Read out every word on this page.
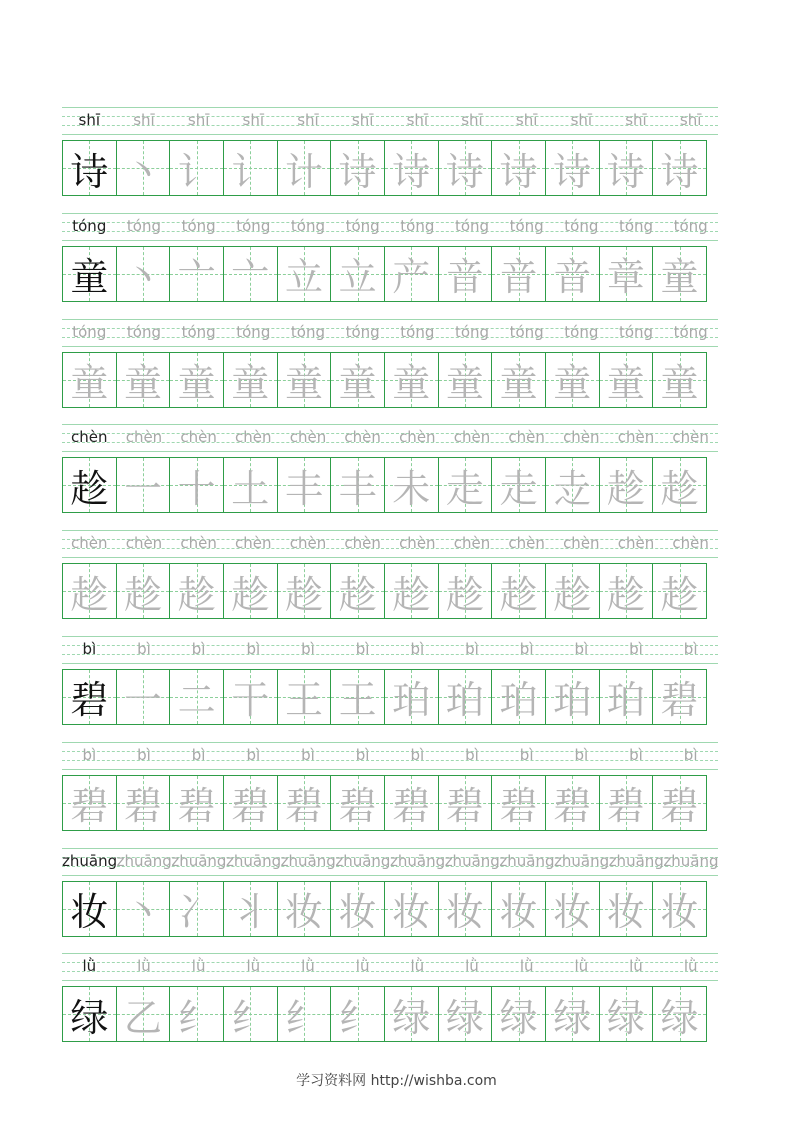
shī	shī	shī	shī	shī	shī	shī	shī	shī	shī	shī	shī
诗 丶 讠 讠 计 诗 诗 诗 诗 诗 诗 诗
tóng	tóng	tóng	tóng	tóng	tóng	tóng	tóng	tóng	tóng	tóng	tóng
童 丶 亠 亠 立 立 产 音 音 音 章 童
tóng	tóng	tóng	tóng	tóng	tóng	tóng	tóng	tóng	tóng	tóng	tóng
童 童 童 童 童 童 童 童 童 童 童 童
chèn	chèn	chèn	chèn	chèn	chèn	chèn	chèn	chèn	chèn	chèn	chèn
趁 一 十 土 丰 丰 未 走 走 赱 趁 趁
chèn	chèn	chèn	chèn	chèn	chèn	chèn	chèn	chèn	chèn	chèn	chèn
趁 趁 趁 趁 趁 趁 趁 趁 趁 趁 趁 趁
bì	bì	bì	bì	bì	bì	bì	bì	bì	bì	bì	bì
碧 一 二 干 王 王 珀 珀 珀 珀 珀 碧
bì	bì	bì	bì	bì	bì	bì	bì	bì	bì	bì	bì
碧 碧 碧 碧 碧 碧 碧 碧 碧 碧 碧 碧
zhuāng zhuāng zhuāng zhuāng zhuāng zhuāng zhuāng zhuāng zhuāng zhuāng zhuāng zhuāng
妆 丶 冫 丬 妆 妆 妆 妆 妆 妆 妆 妆
lǜ	lǜ	lǜ	lǜ	lǜ	lǜ	lǜ	lǜ	lǜ	lǜ	lǜ	lǜ
绿 乙 纟 纟 纟 纟 绿 绿 绿 绿 绿 绿
学习资料网 http://wishba.com
